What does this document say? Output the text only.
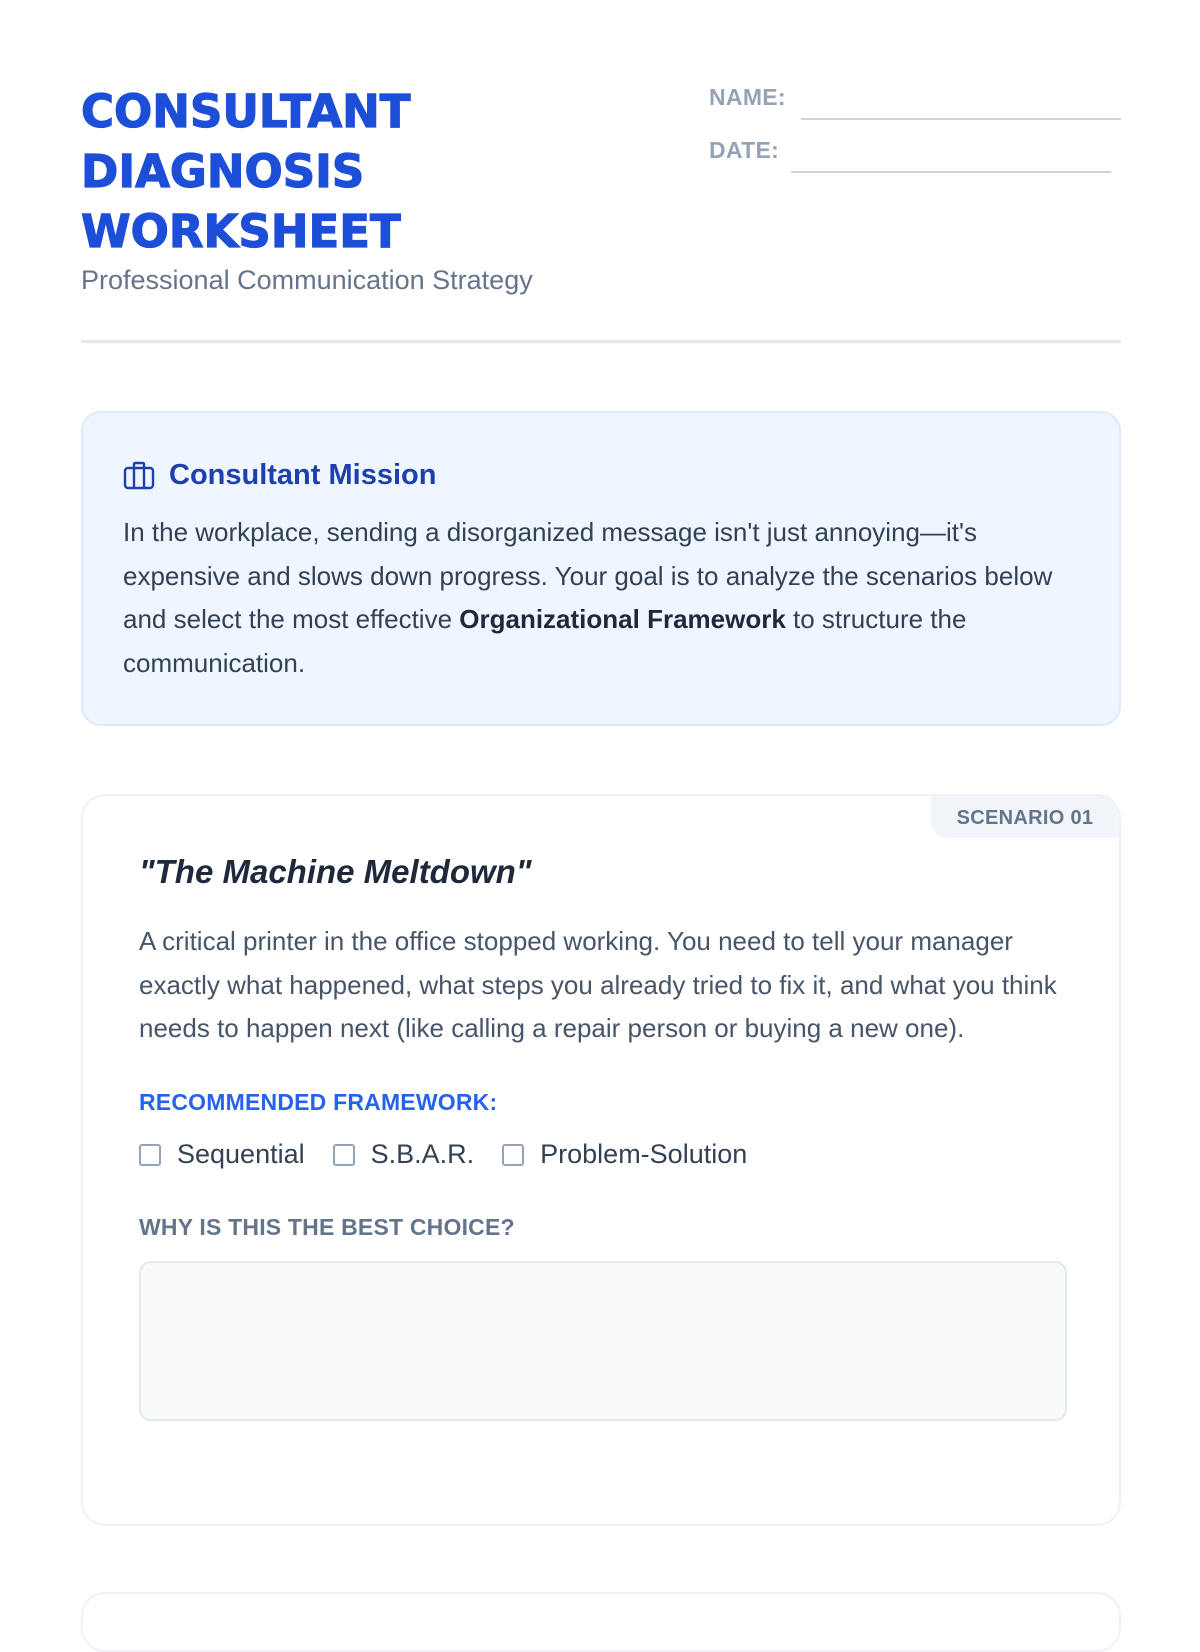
CONSULTANT
DIAGNOSIS
WORKSHEET
Professional Communication Strategy
NAME:
DATE:
Consultant Mission
In the workplace, sending a disorganized message isn't just annoying—it's expensive and slows down progress. Your goal is to analyze the scenarios below and select the most effective Organizational Framework to structure the communication.
SCENARIO 01
"The Machine Meltdown"
A critical printer in the office stopped working. You need to tell your manager exactly what happened, what steps you already tried to fix it, and what you think needs to happen next (like calling a repair person or buying a new one).
RECOMMENDED FRAMEWORK:
Sequential S.B.A.R. Problem-Solution
WHY IS THIS THE BEST CHOICE?
